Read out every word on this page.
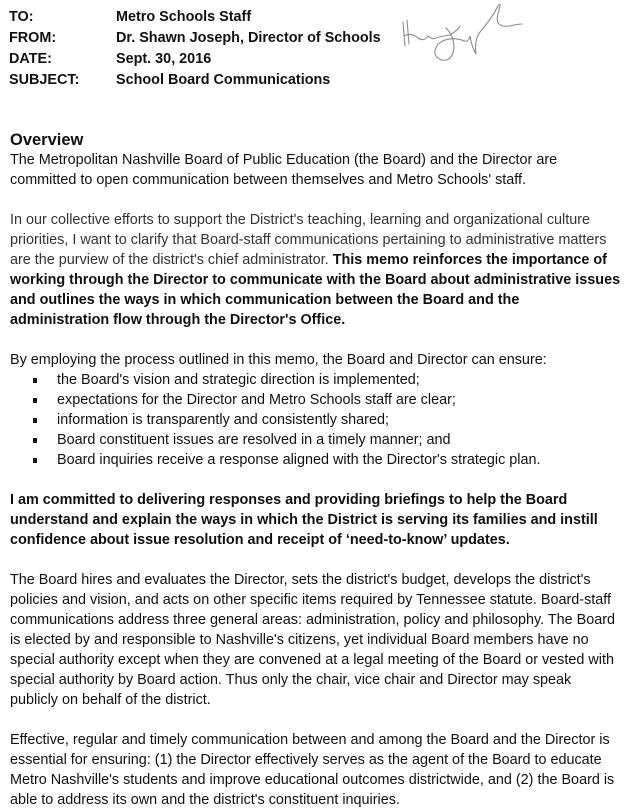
TO:	Metro Schools Staff
FROM:	Dr. Shawn Joseph, Director of Schools
DATE:	Sept. 30, 2016
SUBJECT:	School Board Communications
Overview

The Metropolitan Nashville Board of Public Education (the Board) and the Director are committed to open communication between themselves and Metro Schools' staff.

In our collective efforts to support the District's teaching, learning and organizational culture priorities, I want to clarify that Board-staff communications pertaining to administrative matters are the purview of the district's chief administrator. This memo reinforces the importance of working through the Director to communicate with the Board about administrative issues and outlines the ways in which communication between the Board and the administration flow through the Director's Office.

By employing the process outlined in this memo, the Board and Director can ensure:

the Board's vision and strategic direction is implemented;
expectations for the Director and Metro Schools staff are clear;
information is transparently and consistently shared;
Board constituent issues are resolved in a timely manner; and
Board inquiries receive a response aligned with the Director's strategic plan.

I am committed to delivering responses and providing briefings to help the Board understand and explain the ways in which the District is serving its families and instill confidence about issue resolution and receipt of ‘need-to-know’ updates.

The Board hires and evaluates the Director, sets the district's budget, develops the district's policies and vision, and acts on other specific items required by Tennessee statute. Board-staff communications address three general areas: administration, policy and philosophy. The Board is elected by and responsible to Nashville's citizens, yet individual Board members have no special authority except when they are convened at a legal meeting of the Board or vested with special authority by Board action. Thus only the chair, vice chair and Director may speak publicly on behalf of the district.

Effective, regular and timely communication between and among the Board and the Director is essential for ensuring: (1) the Director effectively serves as the agent of the Board to educate Metro Nashville's students and improve educational outcomes districtwide, and (2) the Board is able to address its own and the district's constituent inquiries.
